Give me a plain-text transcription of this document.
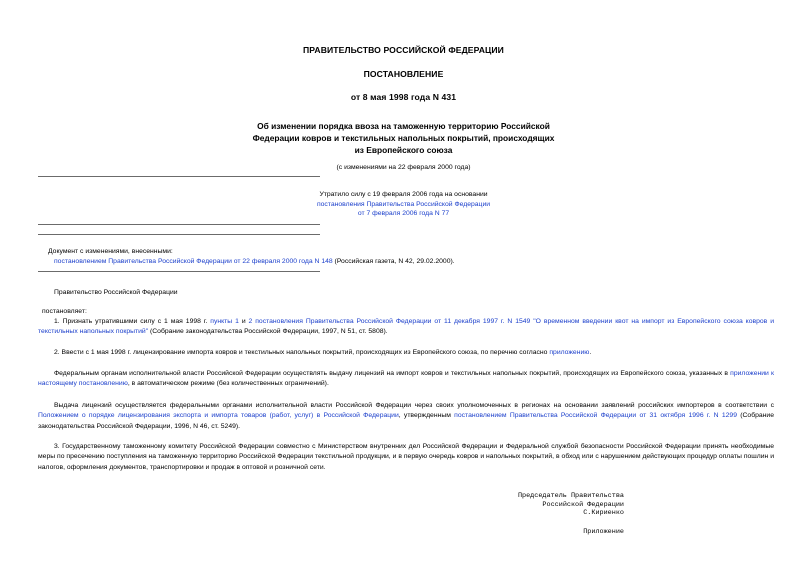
ПРАВИТЕЛЬСТВО РОССИЙСКОЙ ФЕДЕРАЦИИ
ПОСТАНОВЛЕНИЕ
от 8 мая 1998 года N 431
Об изменении порядка ввоза на таможенную территорию Российской
Федерации ковров и текстильных напольных покрытий, происходящих
из Европейского союза
(с изменениями на 22 февраля 2000 года)
Утратило силу с 19 февраля 2006 года на основании
постановления Правительства Российской Федерации
от 7 февраля 2006 года N 77
Документ с изменениями, внесенными:
постановлением Правительства Российской Федерации от 22 февраля 2000 года N 148 (Российская газета, N 42, 29.02.2000).
Правительство Российской Федерации
постановляет:
1. Признать утратившими силу с 1 мая 1998 г. пункты 1 и 2 постановления Правительства Российской Федерации от 11 декабря 1997 г. N 1549 "О временном введении квот на импорт из Европейского союза ковров и текстильных напольных покрытий" (Собрание законодательства Российской Федерации, 1997, N 51, ст. 5808).
2. Ввести с 1 мая 1998 г. лицензирование импорта ковров и текстильных напольных покрытий, происходящих из Европейского союза, по перечню согласно приложению.
Федеральным органам исполнительной власти Российской Федерации осуществлять выдачу лицензий на импорт ковров и текстильных напольных покрытий, происходящих из Европейского союза, указанных в приложении к настоящему постановлению, в автоматическом режиме (без количественных ограничений).
Выдача лицензий осуществляется федеральными органами исполнительной власти Российской Федерации через своих уполномоченных в регионах на основании заявлений российских импортеров в соответствии с Положением о порядке лицензирования экспорта и импорта товаров (работ, услуг) в Российской Федерации, утвержденным постановлением Правительства Российской Федерации от 31 октября 1996 г. N 1299 (Собрание законодательства Российской Федерации, 1996, N 46, ст. 5249).
3. Государственному таможенному комитету Российской Федерации совместно с Министерством внутренних дел Российской Федерации и Федеральной службой безопасности Российской Федерации принять необходимые меры по пресечению поступления на таможенную территорию Российской Федерации текстильной продукции, и в первую очередь ковров и напольных покрытий, в обход или с нарушением действующих процедур оплаты пошлин и налогов, оформления документов, транспортировки и продаж в оптовой и розничной сети.
Председатель Правительства
Российской Федерации
С.Кириенко
Приложение
